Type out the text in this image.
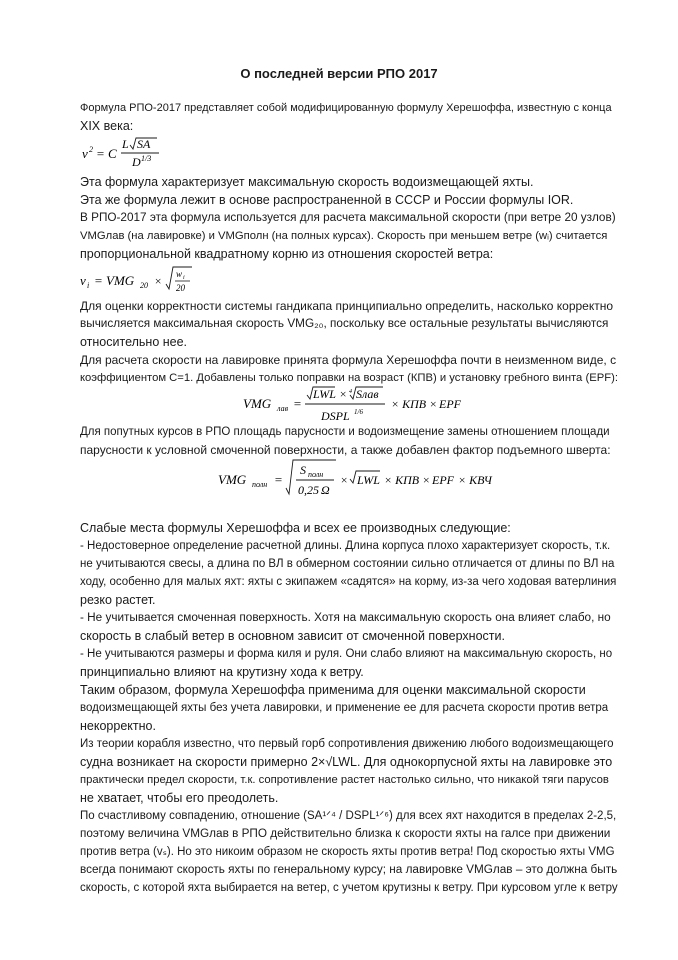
О последней версии РПО 2017
Формула РПО-2017 представляет собой модифицированную формулу Херешоффа, известную с конца
XIX века:
v 2 = C
L SA
D 1/3
Эта формула характеризует максимальную скорость водоизмещающей яхты.
Эта же формула лежит в основе распространенной в СССР и России формулы IOR.
В РПО-2017 эта формула используется для расчета максимальной скорости (при ветре 20 узлов)
VMGлав (на лавировке) и VMGполн (на полных курсах). Скорость при меньшем ветре (wᵢ) считается
пропорциональной квадратному корню из отношения скоростей ветра:
v i = VMG 20 × w i
20
Для оценки корректности системы гандикапа принципиально определить, насколько корректно
вычисляется максимальная скорость VMG₂₀, поскольку все остальные результаты вычисляются
относительно нее.
Для расчета скорости на лавировке принята формула Херешоффа почти в неизменном виде, с
коэффициентом C=1. Добавлены только поправки на возраст (КПВ) и установку гребного винта (EPF):
VMG лав =
LWL × 4 Sлав
DSPL 1/6
× КПВ × EPF
Для попутных курсов в РПО площадь парусности и водоизмещение замены отношением площади
парусности к условной смоченной поверхности, а также добавлен фактор подъемного шверта:
VMG полн =
S полн
0,25 Ω
× LWL × КПВ × EPF × КВЧ
Слабые места формулы Херешоффа и всех ее производных следующие:
- Недостоверное определение расчетной длины. Длина корпуса плохо характеризует скорость, т.к.
не учитываются свесы, а длина по ВЛ в обмерном состоянии сильно отличается от длины по ВЛ на
ходу, особенно для малых яхт: яхты с экипажем «садятся» на корму, из-за чего ходовая ватерлиния
резко растет.
- Не учитывается смоченная поверхность. Хотя на максимальную скорость она влияет слабо, но
скорость в слабый ветер в основном зависит от смоченной поверхности.
- Не учитываются размеры и форма киля и руля. Они слабо влияют на максимальную скорость, но
принципиально влияют на крутизну хода к ветру.
Таким образом, формула Херешоффа применима для оценки максимальной скорости
водоизмещающей яхты без учета лавировки, и применение ее для расчета скорости против ветра
некорректно.
Из теории корабля известно, что первый горб сопротивления движению любого водоизмещающего
судна возникает на скорости примерно 2×√LWL. Для однокорпусной яхты на лавировке это
практически предел скорости, т.к. сопротивление растет настолько сильно, что никакой тяги парусов
не хватает, чтобы его преодолеть.
По счастливому совпадению, отношение (SA¹ᐟ⁴ / DSPL¹ᐟ⁶) для всех яхт находится в пределах 2-2,5,
поэтому величина VMGлав в РПО действительно близка к скорости яхты на галсе при движении
против ветра (vₛ). Но это никоим образом не скорость яхты против ветра! Под скоростью яхты VMG
всегда понимают скорость яхты по генеральному курсу; на лавировке VMGлав – это должна быть
скорость, с которой яхта выбирается на ветер, с учетом крутизны к ветру. При курсовом угле к ветру
